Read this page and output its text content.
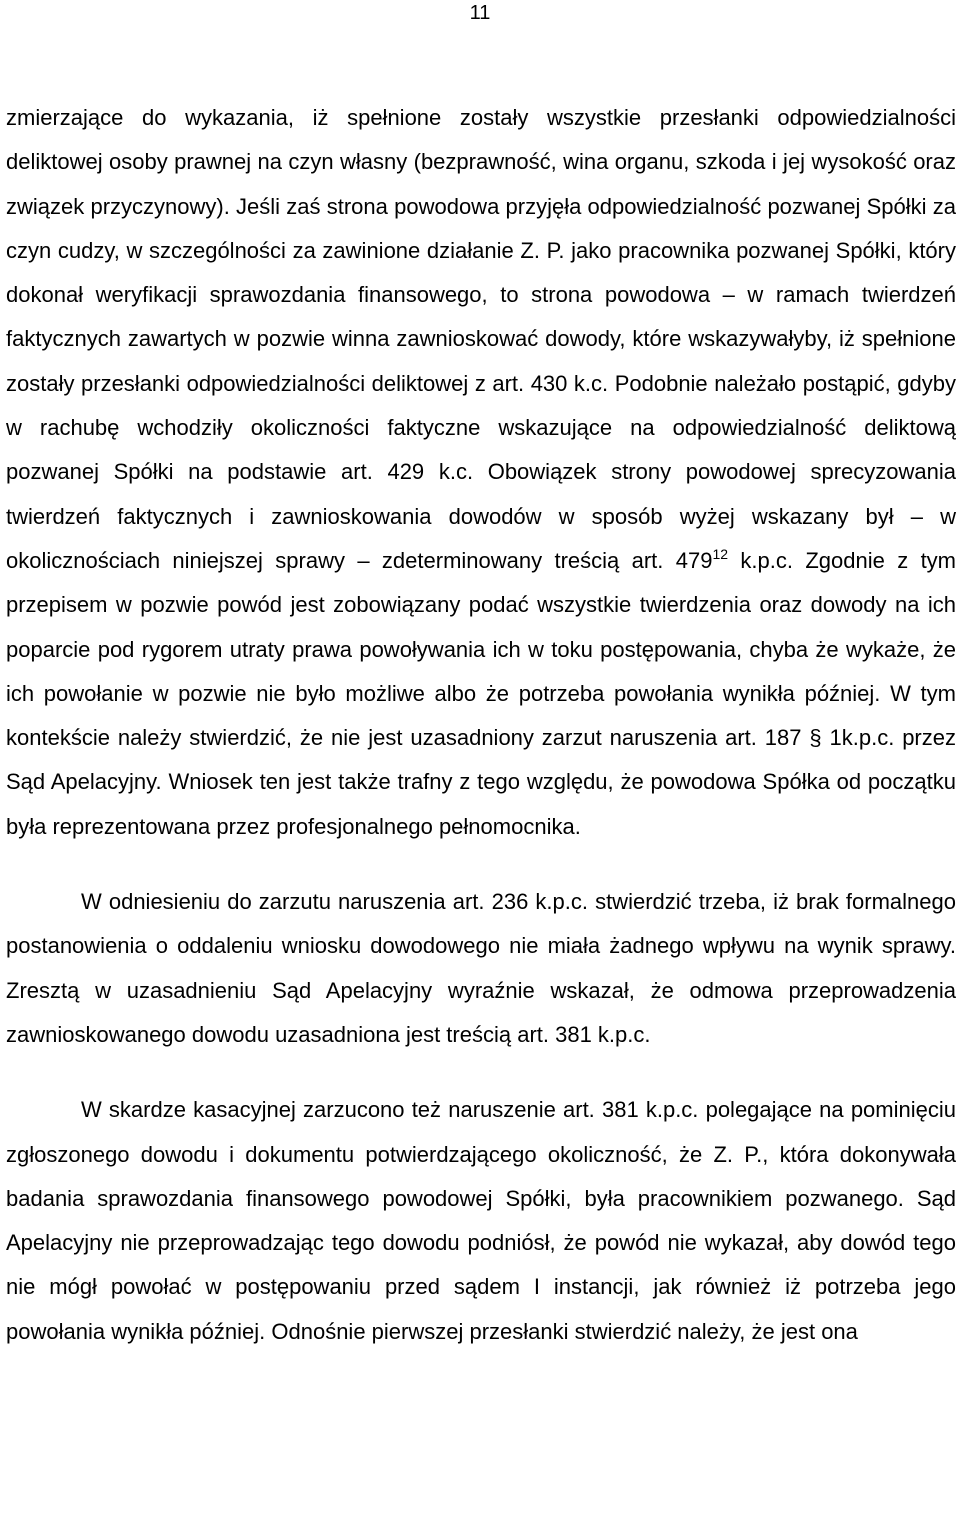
11

zmierzające do wykazania, iż spełnione zostały wszystkie przesłanki odpowiedzialności deliktowej osoby prawnej na czyn własny (bezprawność, wina organu, szkoda i jej wysokość oraz związek przyczynowy). Jeśli zaś strona powodowa przyjęła odpowiedzialność pozwanej Spółki za czyn cudzy, w szczególności za zawinione działanie Z. P. jako pracownika pozwanej Spółki, który dokonał weryfikacji sprawozdania finansowego, to strona powodowa – w ramach twierdzeń faktycznych zawartych w pozwie winna zawnioskować dowody, które wskazywałyby, iż spełnione zostały przesłanki odpowiedzialności deliktowej z art. 430 k.c. Podobnie należało postąpić, gdyby w rachubę wchodziły okoliczności faktyczne wskazujące na odpowiedzialność deliktową pozwanej Spółki na podstawie art. 429 k.c. Obowiązek strony powodowej sprecyzowania twierdzeń faktycznych i zawnioskowania dowodów w sposób wyżej wskazany był – w okolicznościach niniejszej sprawy – zdeterminowany treścią art. $479^{12}$ k.p.c. Zgodnie z tym przepisem w pozwie powód jest zobowiązany podać wszystkie twierdzenia oraz dowody na ich poparcie pod rygorem utraty prawa powoływania ich w toku postępowania, chyba że wykaże, że ich powołanie w pozwie nie było możliwe albo że potrzeba powołania wynikła później. W tym kontekście należy stwierdzić, że nie jest uzasadniony zarzut naruszenia art. 187 § 1k.p.c. przez Sąd Apelacyjny. Wniosek ten jest także trafny z tego względu, że powodowa Spółka od początku była reprezentowana przez profesjonalnego pełnomocnika.

W odniesieniu do zarzutu naruszenia art. 236 k.p.c. stwierdzić trzeba, iż brak formalnego postanowienia o oddaleniu wniosku dowodowego nie miała żadnego wpływu na wynik sprawy. Zresztą w uzasadnieniu Sąd Apelacyjny wyraźnie wskazał, że odmowa przeprowadzenia zawnioskowanego dowodu uzasadniona jest treścią art. 381 k.p.c.

W skardze kasacyjnej zarzucono też naruszenie art. 381 k.p.c. polegające na pominięciu zgłoszonego dowodu i dokumentu potwierdzającego okoliczność, że Z. P., która dokonywała badania sprawozdania finansowego powodowej Spółki, była pracownikiem pozwanego. Sąd Apelacyjny nie przeprowadzając tego dowodu podniósł, że powód nie wykazał, aby dowód tego nie mógł powołać w postępowaniu przed sądem I instancji, jak również iż potrzeba jego powołania wynikła później. Odnośnie pierwszej przesłanki stwierdzić należy, że jest ona
